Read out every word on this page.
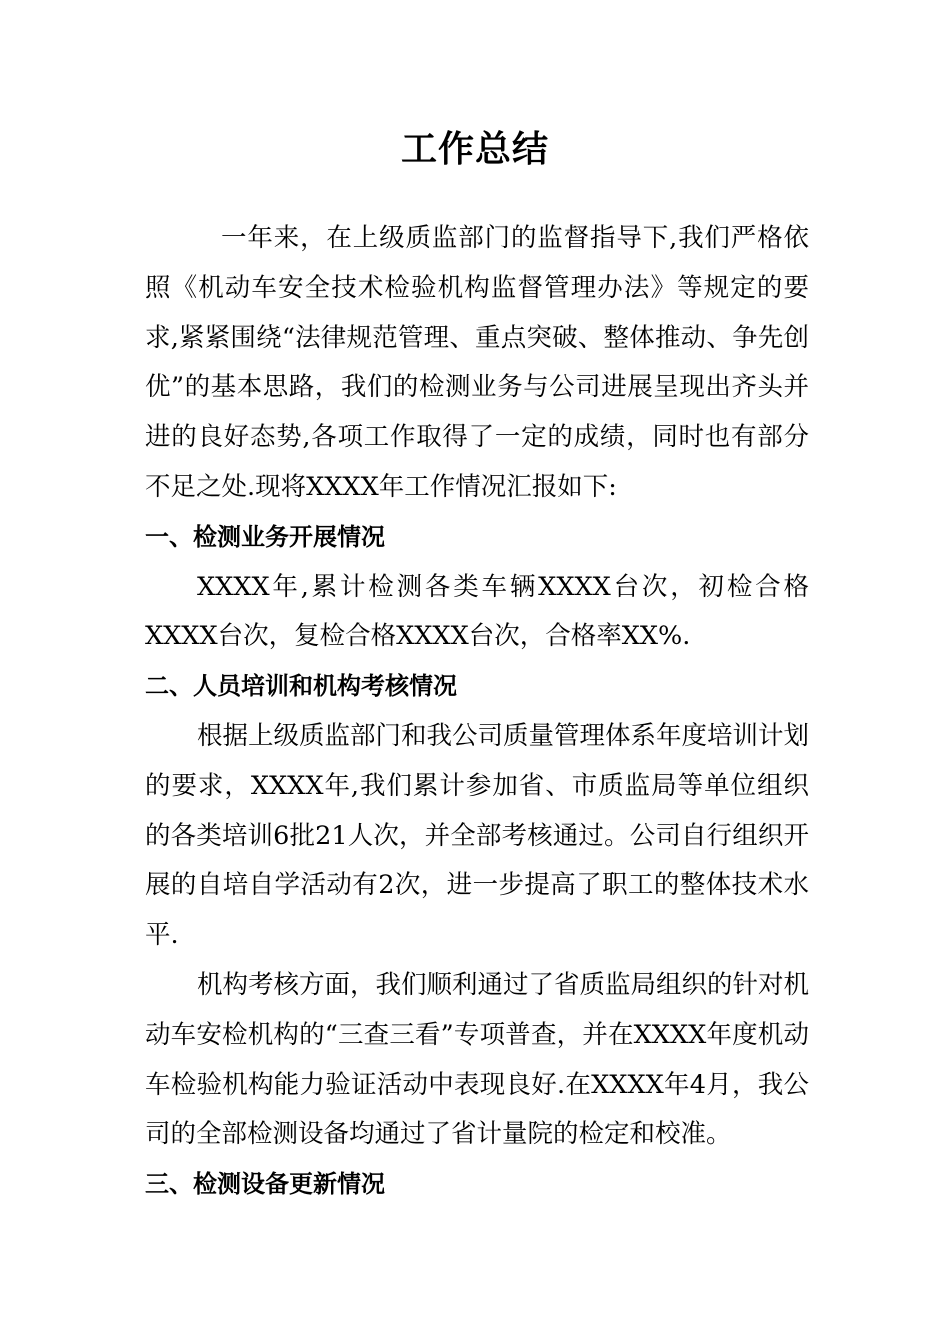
工作总结

一年来，在上级质监部门的监督指导下,我们严格依照《机动车安全技术检验机构监督管理办法》等规定的要求,紧紧围绕“法律规范管理、重点突破、整体推动、争先创优”的基本思路，我们的检测业务与公司进展呈现出齐头并进的良好态势,各项工作取得了一定的成绩，同时也有部分不足之处.现将XXXX年工作情况汇报如下:

一、检测业务开展情况

XXXX年,累计检测各类车辆XXXX台次，初检合格XXXX台次，复检合格XXXX台次，合格率XX%.

二、人员培训和机构考核情况

根据上级质监部门和我公司质量管理体系年度培训计划的要求，XXXX年,我们累计参加省、市质监局等单位组织的各类培训6批21人次，并全部考核通过。公司自行组织开展的自培自学活动有2次，进一步提高了职工的整体技术水平.

机构考核方面，我们顺利通过了省质监局组织的针对机动车安检机构的“三查三看”专项普查，并在XXXX年度机动车检验机构能力验证活动中表现良好.在XXXX年4月，我公司的全部检测设备均通过了省计量院的检定和校准。

三、检测设备更新情况
